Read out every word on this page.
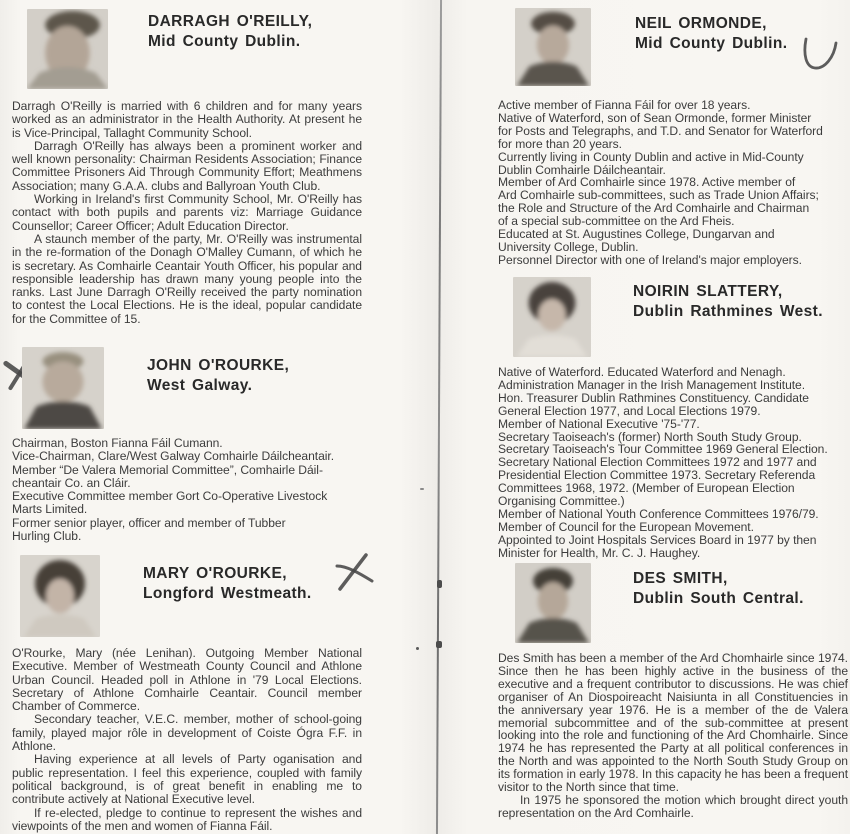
DARRAGH O'REILLY,
Mid County Dublin.

Darragh O'Reilly is married with 6 children and for many years worked as an administrator in the Health Authority. At present he is Vice-Principal, Tallaght Community School.

Darragh O'Reilly has always been a prominent worker and well known personality: Chairman Residents Association; Finance Committee Prisoners Aid Through Community Effort; Meathmens Association; many G.A.A. clubs and Ballyroan Youth Club.

Working in Ireland's first Community School, Mr. O'Reilly has contact with both pupils and parents viz: Marriage Guidance Counsellor; Career Officer; Adult Education Director.

A staunch member of the party, Mr. O'Reilly was instrumental in the re-formation of the Donagh O'Malley Cumann, of which he is secretary. As Comhairle Ceantair Youth Officer, his popular and responsible leadership has drawn many young people into the ranks. Last June Darragh O'Reilly received the party nomination to contest the Local Elections. He is the ideal, popular candidate for the Committee of 15.

JOHN O'ROURKE,
West Galway.
Chairman, Boston Fianna Fáil Cumann.
Vice-Chairman, Clare/West Galway Comhairle Dáilcheantair.
Member “De Valera Memorial Committee”, Comhairle Dáil-
cheantair Co. an Cláir.
Executive Committee member Gort Co-Operative Livestock
Marts Limited.
Former senior player, officer and member of Tubber
Hurling Club.
MARY O'ROURKE,
Longford Westmeath.

O'Rourke, Mary (née Lenihan). Outgoing Member National Executive. Member of Westmeath County Council and Athlone Urban Council. Headed poll in Athlone in '79 Local Elections. Secretary of Athlone Comhairle Ceantair. Council member Chamber of Commerce.

Secondary teacher, V.E.C. member, mother of school-going family, played major rôle in development of Coiste Ógra F.F. in Athlone.

Having experience at all levels of Party oganisation and public representation. I feel this experience, coupled with family political background, is of great benefit in enabling me to contribute actively at National Executive level.

If re-elected, pledge to continue to represent the wishes and viewpoints of the men and women of Fianna Fáil.

NEIL ORMONDE,
Mid County Dublin.
Active member of Fianna Fáil for over 18 years.
Native of Waterford, son of Sean Ormonde, former Minister
for Posts and Telegraphs, and T.D. and Senator for Waterford
for more than 20 years.
Currently living in County Dublin and active in Mid-County
Dublin Comhairle Dáilcheantair.
Member of Ard Comhairle since 1978. Active member of
Ard Comhairle sub-committees, such as Trade Union Affairs;
the Role and Structure of the Ard Comhairle and Chairman
of a special sub-committee on the Ard Fheis.
Educated at St. Augustines College, Dungarvan and
University College, Dublin.
Personnel Director with one of Ireland's major employers.
NOIRIN SLATTERY,
Dublin Rathmines West.
Native of Waterford. Educated Waterford and Nenagh.
Administration Manager in the Irish Management Institute.
Hon. Treasurer Dublin Rathmines Constituency. Candidate
General Election 1977, and Local Elections 1979.
Member of National Executive '75-'77.
Secretary Taoiseach's (former) North South Study Group.
Secretary Taoiseach's Tour Committee 1969 General Election.
Secretary National Election Committees 1972 and 1977 and
Presidential Election Committee 1973. Secretary Referenda
Committees 1968, 1972. (Member of European Election
Organising Committee.)
Member of National Youth Conference Committees 1976/79.
Member of Council for the European Movement.
Appointed to Joint Hospitals Services Board in 1977 by then
Minister for Health, Mr. C. J. Haughey.
DES SMITH,
Dublin South Central.

Des Smith has been a member of the Ard Chomhairle since 1974. Since then he has been highly active in the business of the executive and a frequent contributor to discussions. He was chief organiser of An Diospoireacht Naisiunta in all Constituencies in the anniversary year 1976. He is a member of the de Valera memorial subcommittee and of the sub-committee at present looking into the role and functioning of the Ard Chomhairle. Since 1974 he has represented the Party at all political conferences in the North and was appointed to the North South Study Group on its formation in early 1978. In this capacity he has been a frequent visitor to the North since that time.

In 1975 he sponsored the motion which brought direct youth representation on the Ard Comhairle.
